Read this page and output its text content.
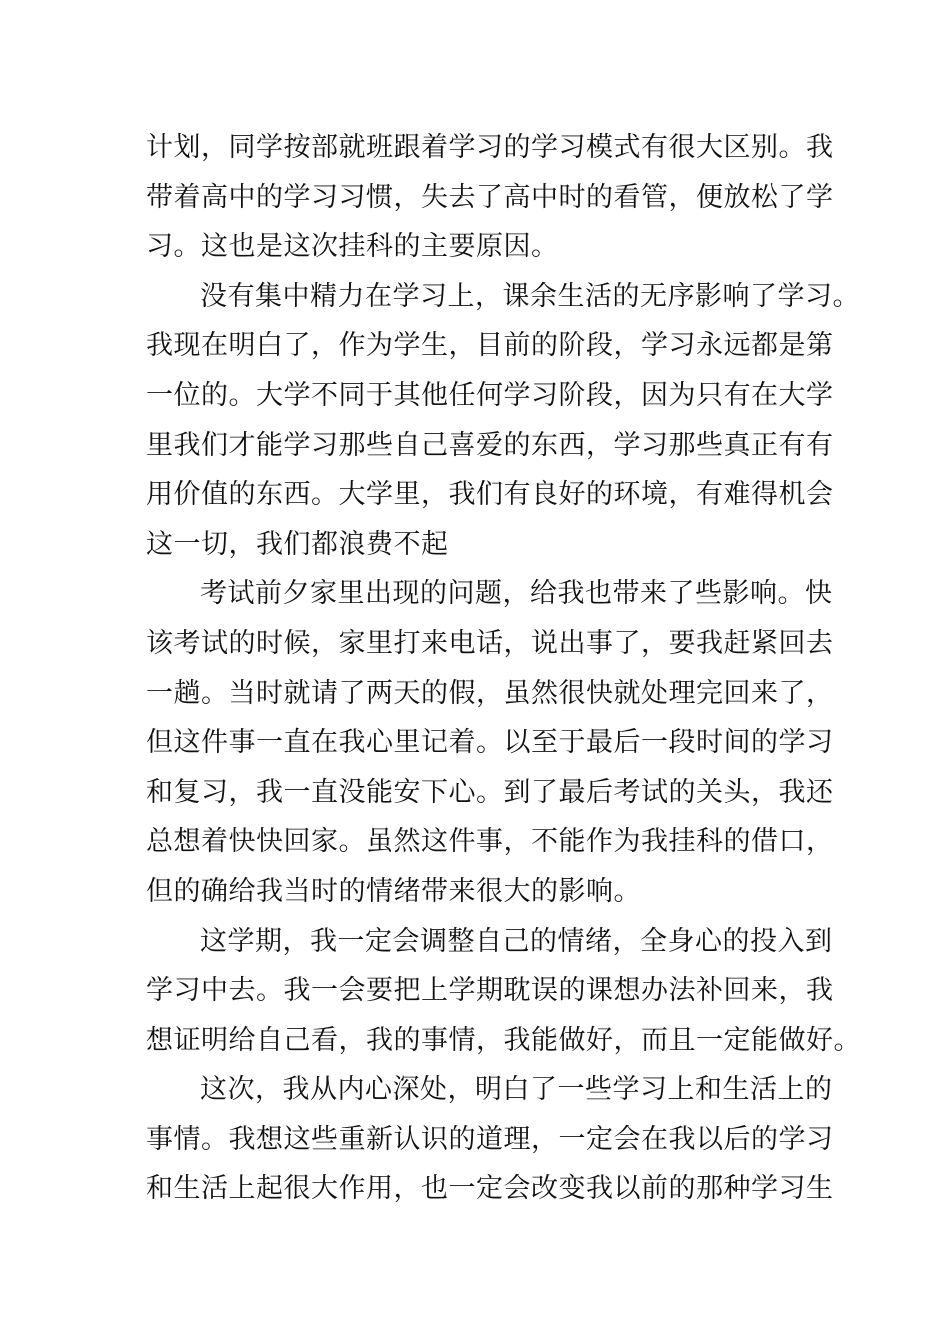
计划，同学按部就班跟着学习的学习模式有很大区别。我
带着高中的学习习惯，失去了高中时的看管，便放松了学
习。这也是这次挂科的主要原因。
没有集中精力在学习上，课余生活的无序影响了学习。
我现在明白了，作为学生，目前的阶段，学习永远都是第
一位的。大学不同于其他任何学习阶段，因为只有在大学
里我们才能学习那些自己喜爱的东西，学习那些真正有有
用价值的东西。大学里，我们有良好的环境，有难得机会
这一切，我们都浪费不起
考试前夕家里出现的问题，给我也带来了些影响。快
该考试的时候，家里打来电话，说出事了，要我赶紧回去
一趟。当时就请了两天的假，虽然很快就处理完回来了，
但这件事一直在我心里记着。以至于最后一段时间的学习
和复习，我一直没能安下心。到了最后考试的关头，我还
总想着快快回家。虽然这件事，不能作为我挂科的借口，
但的确给我当时的情绪带来很大的影响。
这学期，我一定会调整自己的情绪，全身心的投入到
学习中去。我一会要把上学期耽误的课想办法补回来，我
想证明给自己看，我的事情，我能做好，而且一定能做好。
这次，我从内心深处，明白了一些学习上和生活上的
事情。我想这些重新认识的道理，一定会在我以后的学习
和生活上起很大作用，也一定会改变我以前的那种学习生
